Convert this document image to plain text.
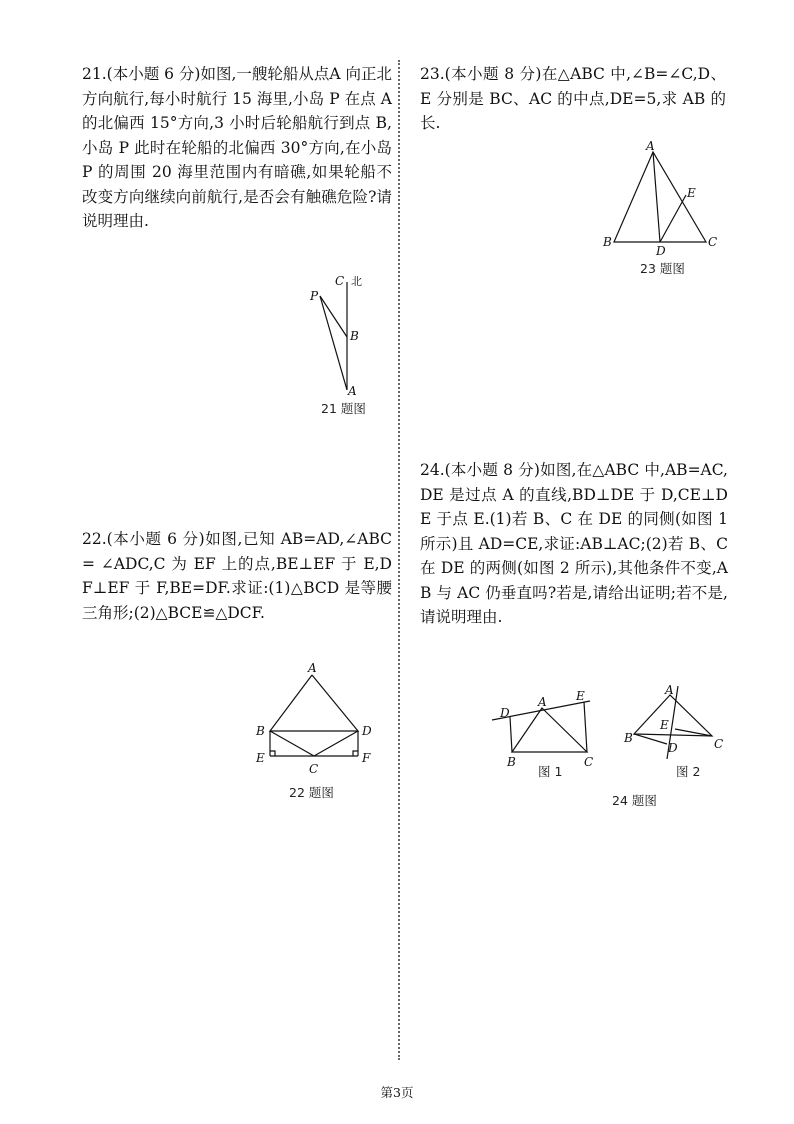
21.(本小题 6 分)如图,一艘轮船从点A 向正北方向航行,每小时航行 15 海里,小岛 P 在点 A 的北偏西 15°方向,3 小时后轮船航行到点 B,小岛 P 此时在轮船的北偏西 30°方向,在小岛 P 的周围 20 海里范围内有暗礁,如果轮船不改变方向继续向前航行,是否会有触礁危险?请说明理由.
C 北
P
B
A
21 题图
22.(本小题 6 分)如图,已知 AB=AD,∠ABC= ∠ADC,C 为 EF 上的点,BE⊥EF 于 E,DF⊥EF 于 F,BE=DF.求证:(1)△BCD 是等腰三角形;(2)△BCE≌△DCF.
A
B	D
E
C
F
22 题图
23.(本小题 8 分)在△ABC 中,∠B=∠C,D、E 分别是 BC、AC 的中点,DE=5,求 AB 的长.
A
E
B
D
C
23 题图
24.(本小题 8 分)如图,在△ABC 中,AB=AC,DE 是过点 A 的直线,BD⊥DE 于 D,CE⊥DE 于点 E.(1)若 B、C 在 DE 的同侧(如图 1 所示)且 AD=CE,求证:AB⊥AC;(2)若 B、C 在 DE 的两侧(如图 2 所示),其他条件不变,AB 与 AC 仍垂直吗?若是,请给出证明;若不是,请说明理由.
D
A E
B	C
图 1
A
E
B
D	C
图 2
24 题图
第3页
